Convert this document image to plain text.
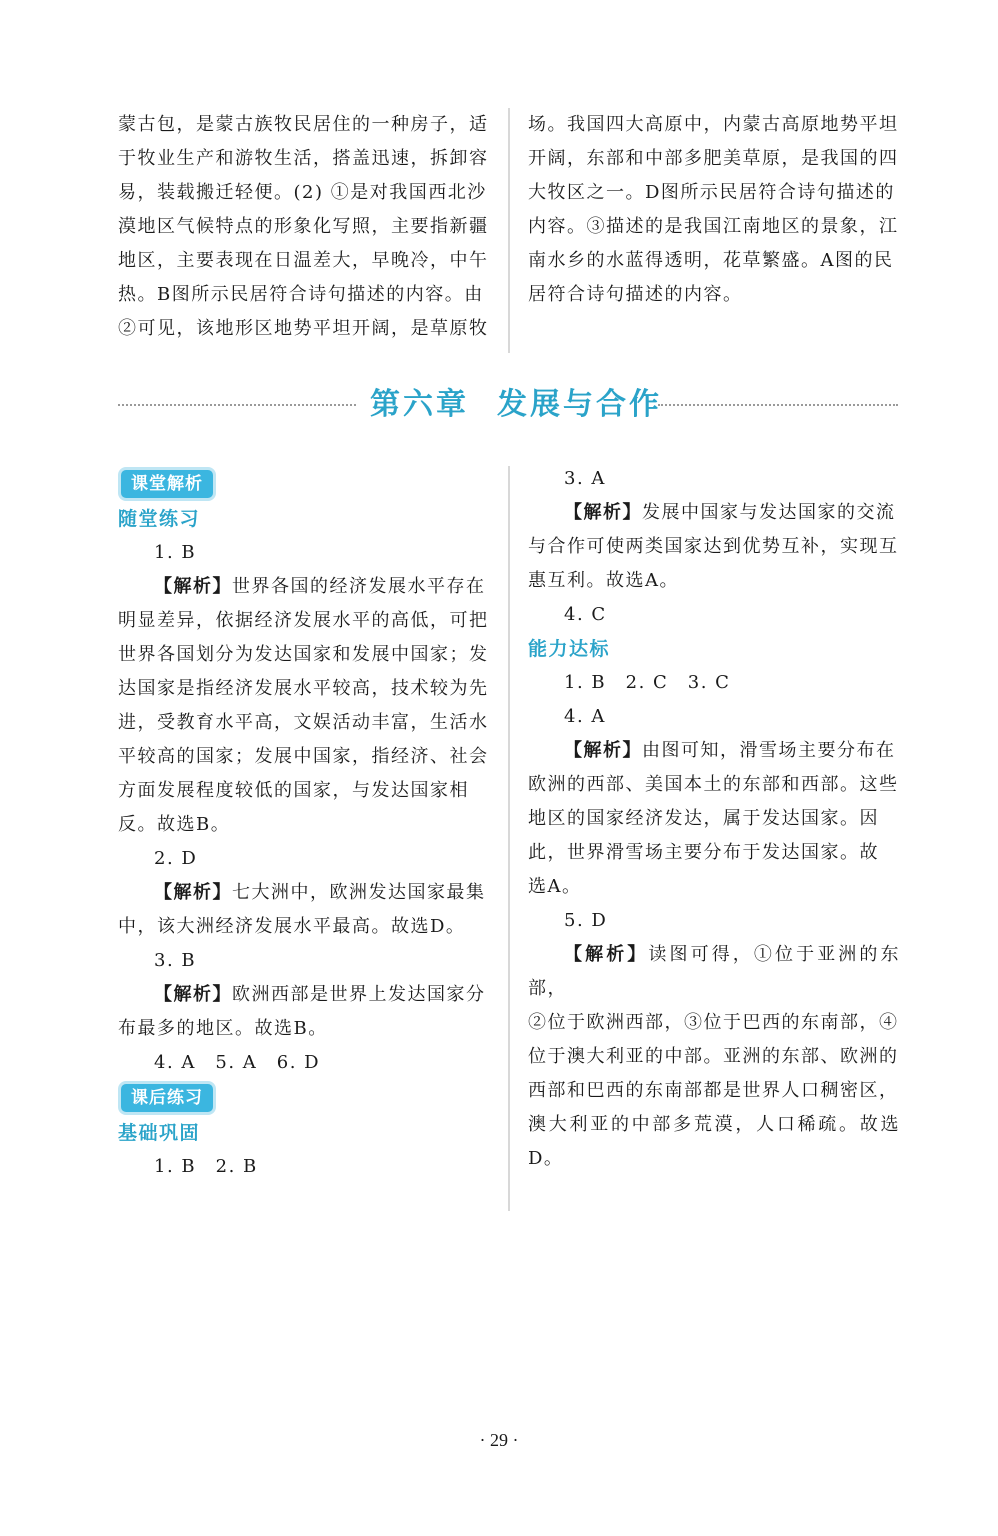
蒙古包，是蒙古族牧民居住的一种房子，适

于牧业生产和游牧生活，搭盖迅速，拆卸容

易，装载搬迁轻便。(2) ①是对我国西北沙

漠地区气候特点的形象化写照，主要指新疆

地区，主要表现在日温差大，早晚冷，中午

热。B图所示民居符合诗句描述的内容。由

②可见，该地形区地势平坦开阔，是草原牧

场。我国四大高原中，内蒙古高原地势平坦

开阔，东部和中部多肥美草原，是我国的四

大牧区之一。D图所示民居符合诗句描述的

内容。③描述的是我国江南地区的景象，江

南水乡的水蓝得透明，花草繁盛。A图的民

居符合诗句描述的内容。

第六章 发展与合作
课堂解析

随堂练习

1. B

【解析】世界各国的经济发展水平存在

明显差异，依据经济发展水平的高低，可把

世界各国划分为发达国家和发展中国家；发

达国家是指经济发展水平较高，技术较为先

进，受教育水平高，文娱活动丰富，生活水

平较高的国家；发展中国家，指经济、社会

方面发展程度较低的国家，与发达国家相

反。故选B。

2. D

【解析】七大洲中，欧洲发达国家最集

中，该大洲经济发展水平最高。故选D。

3. B

【解析】欧洲西部是世界上发达国家分

布最多的地区。故选B。

4. A　5. A　6. D

课后练习

基础巩固

1. B　2. B

3. A

【解析】发展中国家与发达国家的交流

与合作可使两类国家达到优势互补，实现互

惠互利。故选A。

4. C

能力达标

1. B　2. C　3. C

4. A

【解析】由图可知，滑雪场主要分布在

欧洲的西部、美国本土的东部和西部。这些

地区的国家经济发达，属于发达国家。因

此，世界滑雪场主要分布于发达国家。故

选A。

5. D

【解析】读图可得，①位于亚洲的东部，

②位于欧洲西部，③位于巴西的东南部，④

位于澳大利亚的中部。亚洲的东部、欧洲的

西部和巴西的东南部都是世界人口稠密区，

澳大利亚的中部多荒漠，人口稀疏。故选D。

· 29 ·
